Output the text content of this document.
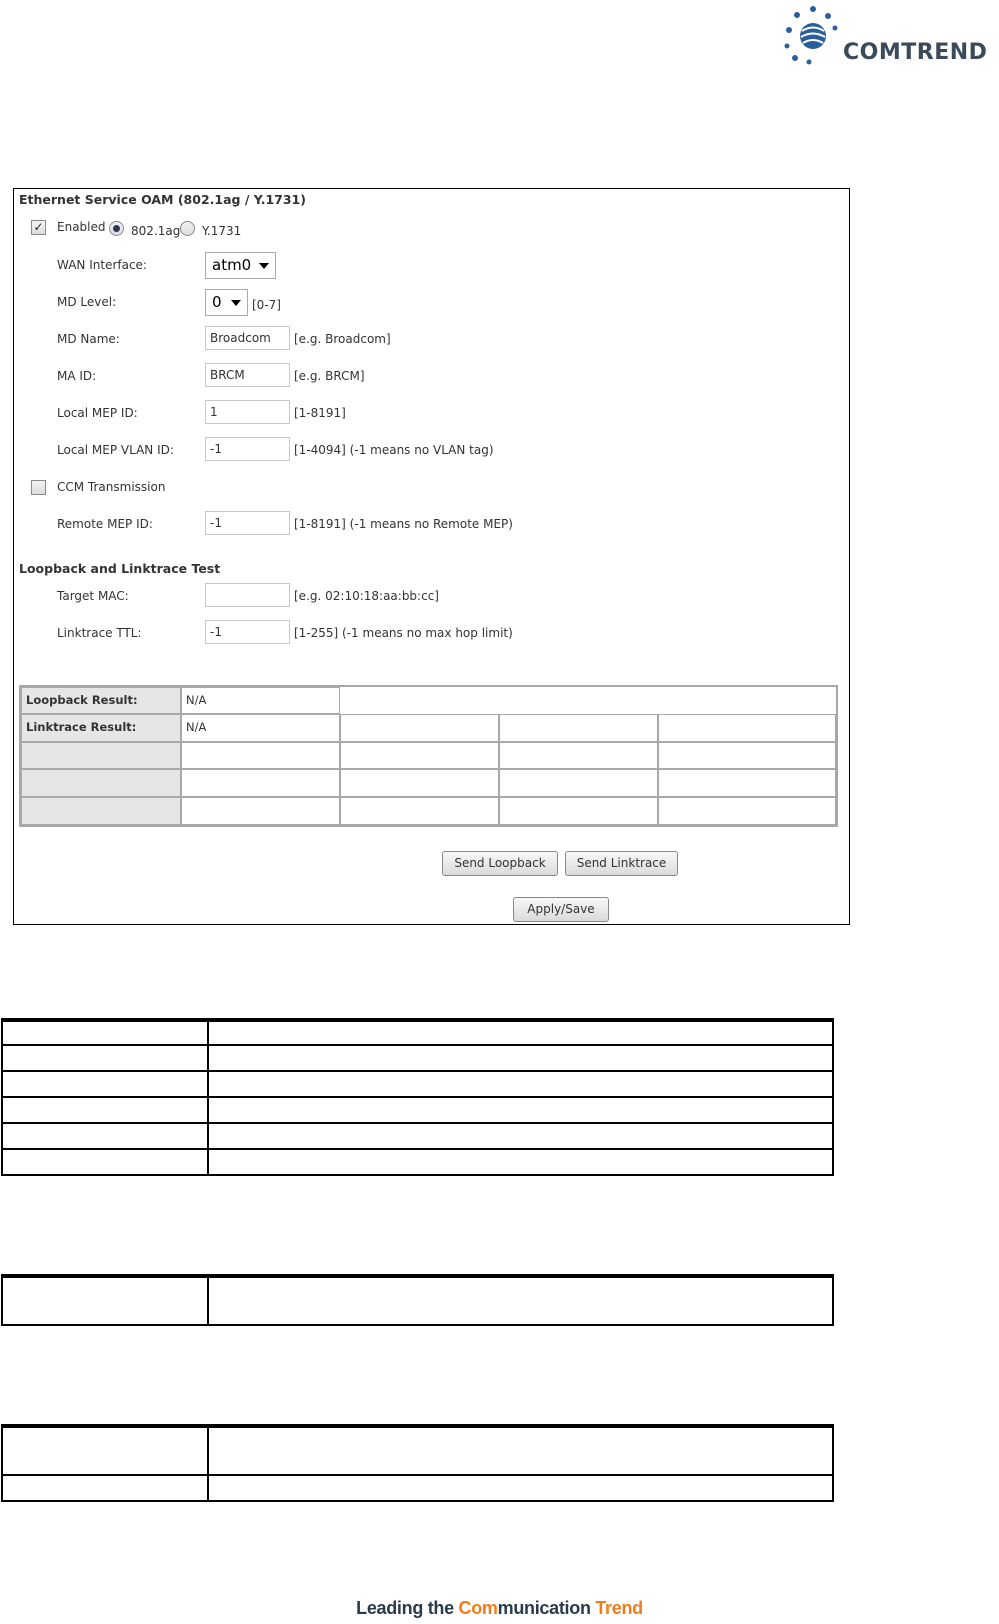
COMTREND
Ethernet Service OAM (802.1ag / Y.1731)
✓ Enabled 802.1ag Y.1731
WAN Interface:	atm0
MD Level:	0	[0-7]
MD Name:	Broadcom	[e.g. Broadcom]
MA ID:	BRCM	[e.g. BRCM]
Local MEP ID:	1	[1-8191]
Local MEP VLAN ID:	-1	[1-4094] (-1 means no VLAN tag)
CCM Transmission
Remote MEP ID:	-1	[1-8191] (-1 means no Remote MEP)
Loopback and Linktrace Test
Target MAC:	[e.g. 02:10:18:aa:bb:cc]
Linktrace TTL:	-1	[1-255] (-1 means no max hop limit)
Loopback Result:	N/A
Linktrace Result:	N/A
Send Loopback	Send Linktrace
Apply/Save
Leading the Communication Trend
